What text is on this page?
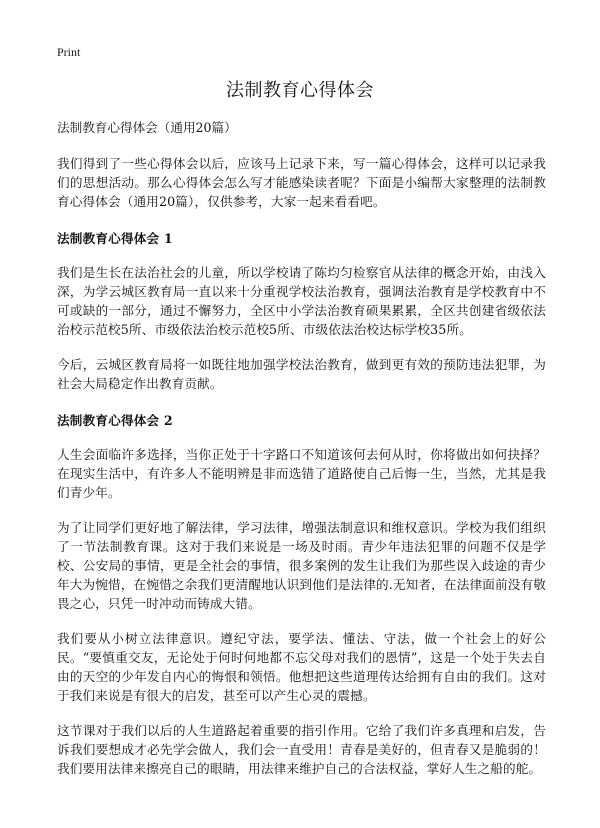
Print
法制教育心得体会

法制教育心得体会（通用20篇）

我们得到了一些心得体会以后，应该马上记录下来，写一篇心得体会，这样可以记录我们的思想活动。那么心得体会怎么写才能感染读者呢？下面是小编帮大家整理的法制教育心得体会（通用20篇），仅供参考，大家一起来看看吧。

法制教育心得体会 1

我们是生长在法治社会的儿童，所以学校请了陈均匀检察官从法律的概念开始，由浅入深，为学云城区教育局一直以来十分重视学校法治教育，强调法治教育是学校教育中不可或缺的一部分，通过不懈努力，全区中小学法治教育硕果累累，全区共创建省级依法治校示范校5所、市级依法治校示范校5所、市级依法治校达标学校35所。

今后，云城区教育局将一如既往地加强学校法治教育，做到更有效的预防违法犯罪，为社会大局稳定作出教育贡献。

法制教育心得体会 2

人生会面临许多选择，当你正处于十字路口不知道该何去何从时，你将做出如何抉择？在现实生活中，有许多人不能明辨是非而选错了道路使自己后悔一生，当然，尤其是我们青少年。

为了让同学们更好地了解法律，学习法律，增强法制意识和维权意识。学校为我们组织了一节法制教育课。这对于我们来说是一场及时雨。青少年违法犯罪的问题不仅是学校、公安局的事情，更是全社会的事情，很多案例的发生让我们为那些误入歧途的青少年大为惋惜，在惋惜之余我们更清醒地认识到他们是法律的.无知者，在法律面前没有敬畏之心，只凭一时冲动而铸成大错。

我们要从小树立法律意识。遵纪守法，要学法、懂法、守法，做一个社会上的好公民。“要慎重交友，无论处于何时何地都不忘父母对我们的恩情”，这是一个处于失去自由的天空的少年发自内心的悔恨和领悟。他想把这些道理传达给拥有自由的我们。这对于我们来说是有很大的启发，甚至可以产生心灵的震撼。

这节课对于我们以后的人生道路起着重要的指引作用。它给了我们许多真理和启发，告诉我们要想成才必先学会做人，我们会一直受用！青春是美好的，但青春又是脆弱的！我们要用法律来擦亮自己的眼睛，用法律来维护自己的合法权益，掌好人生之船的舵。
